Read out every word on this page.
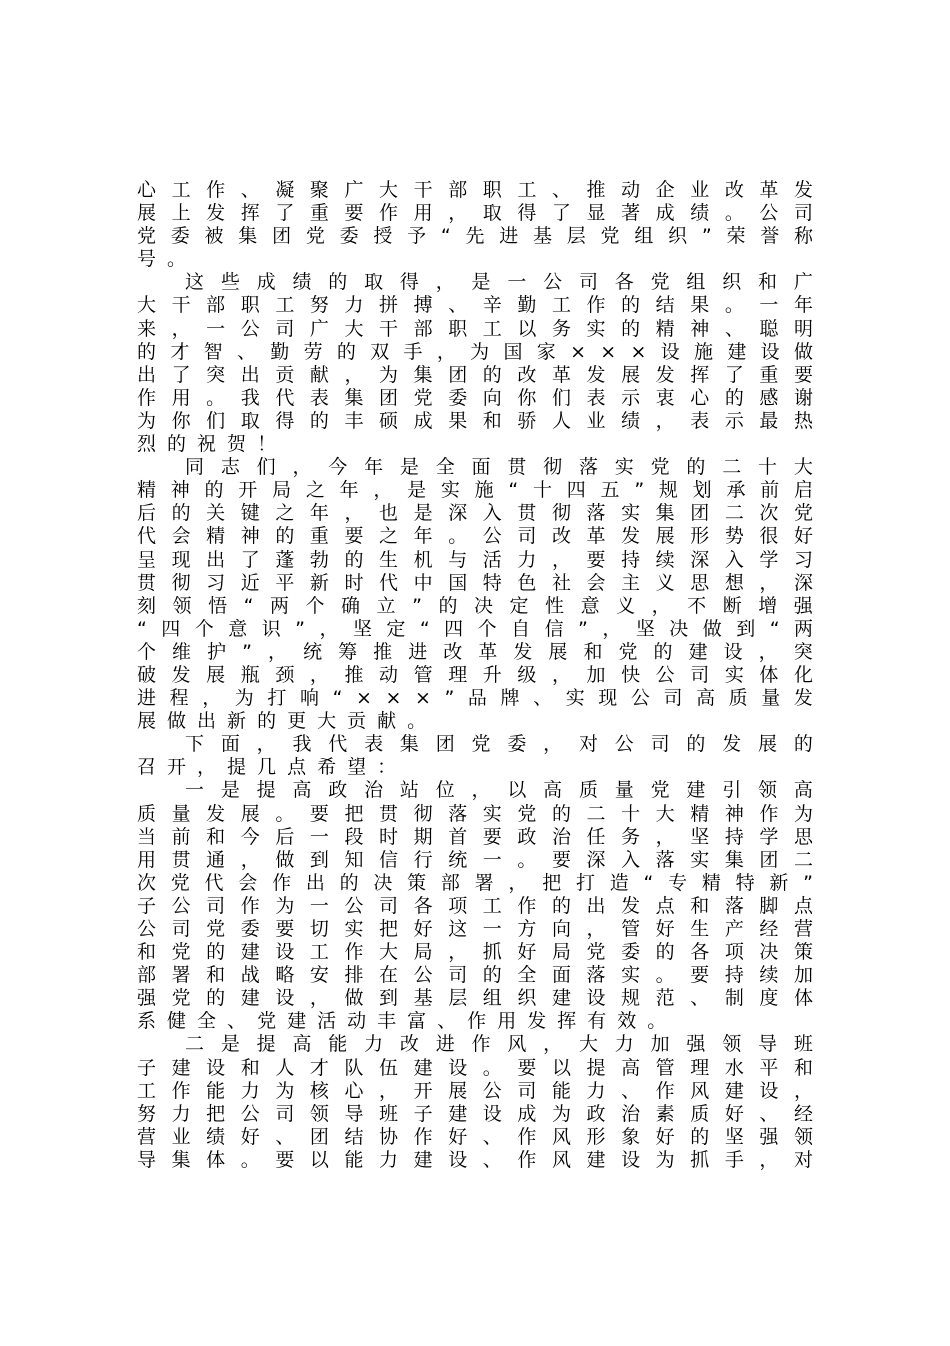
心 工 作 、 凝 聚 广 大 干 部 职 工 、 推 动 企 业 改 革 发
展 上 发 挥 了 重 要 作 用 ， 取 得 了 显 著 成 绩 。 公 司
党 委 被 集 团 党 委 授 予 “ 先 进 基 层 党 组 织 ” 荣 誉 称
号 。
这 些 成 绩 的 取 得 ， 是 一 公 司 各 党 组 织 和 广
大 干 部 职 工 努 力 拼 搏 、 辛 勤 工 作 的 结 果 。 一 年
来 ， 一 公 司 广 大 干 部 职 工 以 务 实 的 精 神 、 聪 明
的 才 智 、 勤 劳 的 双 手 ， 为 国 家 × × × 设 施 建 设 做
出 了 突 出 贡 献 ， 为 集 团 的 改 革 发 展 发 挥 了 重 要
作 用 。 我 代 表 集 团 党 委 向 你 们 表 示 衷 心 的 感 谢
为 你 们 取 得 的 丰 硕 成 果 和 骄 人 业 绩 ， 表 示 最 热
烈 的 祝 贺 ！
同 志 们 ， 今 年 是 全 面 贯 彻 落 实 党 的 二 十 大
精 神 的 开 局 之 年 ， 是 实 施 “ 十 四 五 ” 规 划 承 前 启
后 的 关 键 之 年 ， 也 是 深 入 贯 彻 落 实 集 团 二 次 党
代 会 精 神 的 重 要 之 年 。 公 司 改 革 发 展 形 势 很 好
呈 现 出 了 蓬 勃 的 生 机 与 活 力 ， 要 持 续 深 入 学 习
贯 彻 习 近 平 新 时 代 中 国 特 色 社 会 主 义 思 想 ， 深
刻 领 悟 “ 两 个 确 立 ” 的 决 定 性 意 义 ， 不 断 增 强
“ 四 个 意 识 ” ， 坚 定 “ 四 个 自 信 ” ， 坚 决 做 到 “ 两
个 维 护 ” ， 统 筹 推 进 改 革 发 展 和 党 的 建 设 ， 突
破 发 展 瓶 颈 ， 推 动 管 理 升 级 ， 加 快 公 司 实 体 化
进 程 ， 为 打 响 “ × × × ” 品 牌 、 实 现 公 司 高 质 量 发
展 做 出 新 的 更 大 贡 献 。
下 面 ， 我 代 表 集 团 党 委 ， 对 公 司 的 发 展 的
召 开 ， 提 几 点 希 望 ：
一 是 提 高 政 治 站 位 ， 以 高 质 量 党 建 引 领 高
质 量 发 展 。 要 把 贯 彻 落 实 党 的 二 十 大 精 神 作 为
当 前 和 今 后 一 段 时 期 首 要 政 治 任 务 ， 坚 持 学 思
用 贯 通 ， 做 到 知 信 行 统 一 。 要 深 入 落 实 集 团 二
次 党 代 会 作 出 的 决 策 部 署 ， 把 打 造 “ 专 精 特 新 ”
子 公 司 作 为 一 公 司 各 项 工 作 的 出 发 点 和 落 脚 点
公 司 党 委 要 切 实 把 好 这 一 方 向 ， 管 好 生 产 经 营
和 党 的 建 设 工 作 大 局 ， 抓 好 局 党 委 的 各 项 决 策
部 署 和 战 略 安 排 在 公 司 的 全 面 落 实 。 要 持 续 加
强 党 的 建 设 ， 做 到 基 层 组 织 建 设 规 范 、 制 度 体
系 健 全 、 党 建 活 动 丰 富 、 作 用 发 挥 有 效 。
二 是 提 高 能 力 改 进 作 风 ， 大 力 加 强 领 导 班
子 建 设 和 人 才 队 伍 建 设 。 要 以 提 高 管 理 水 平 和
工 作 能 力 为 核 心 ， 开 展 公 司 能 力 、 作 风 建 设 ，
努 力 把 公 司 领 导 班 子 建 设 成 为 政 治 素 质 好 、 经
营 业 绩 好 、 团 结 协 作 好 、 作 风 形 象 好 的 坚 强 领
导 集 体 。 要 以 能 力 建 设 、 作 风 建 设 为 抓 手 ， 对
